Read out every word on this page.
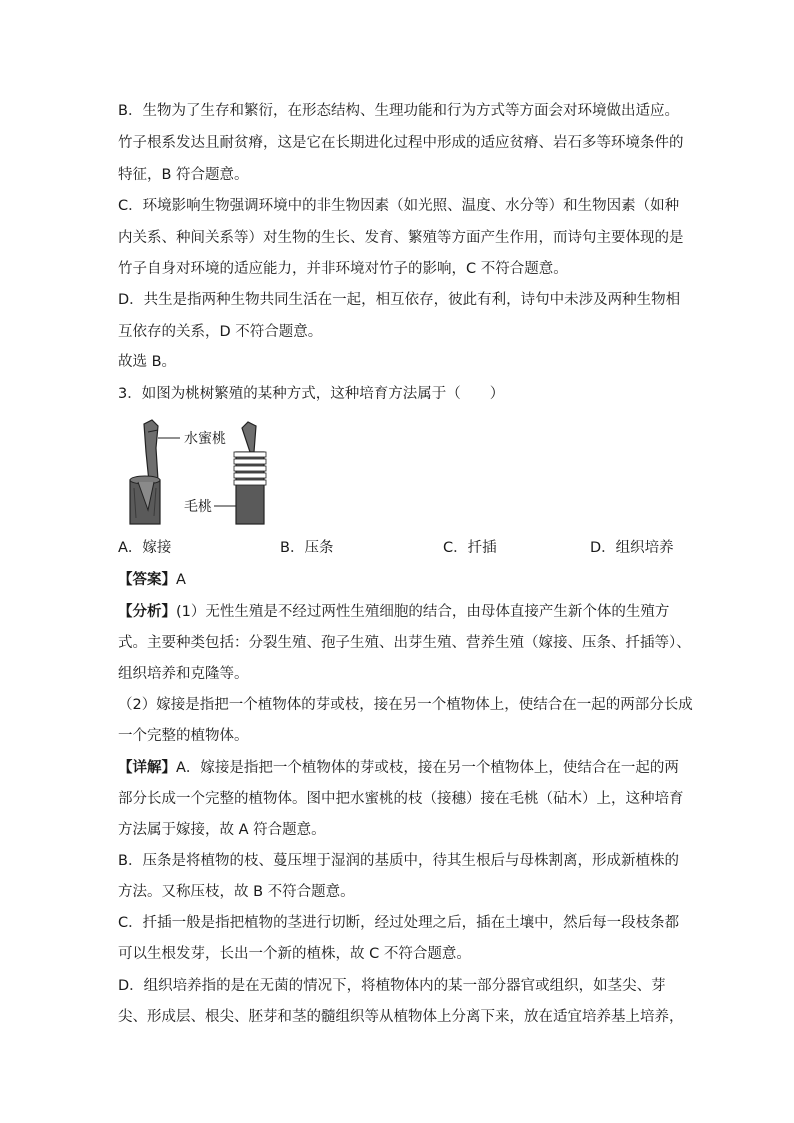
B．生物为了生存和繁衍，在形态结构、生理功能和行为方式等方面会对环境做出适应。
竹子根系发达且耐贫瘠，这是它在长期进化过程中形成的适应贫瘠、岩石多等环境条件的
特征，B 符合题意。
C．环境影响生物强调环境中的非生物因素（如光照、温度、水分等）和生物因素（如种
内关系、种间关系等）对生物的生长、发育、繁殖等方面产生作用，而诗句主要体现的是
竹子自身对环境的适应能力，并非环境对竹子的影响，C 不符合题意。
D．共生是指两种生物共同生活在一起，相互依存，彼此有利，诗句中未涉及两种生物相
互依存的关系，D 不符合题意。
故选 B。
3．如图为桃树繁殖的某种方式，这种培育方法属于（　　）
水蜜桃
毛桃
A．嫁接	B．压条	C．扦插	D．组织培养
【答案】A
【分析】(1）无性生殖是不经过两性生殖细胞的结合，由母体直接产生新个体的生殖方
式。主要种类包括：分裂生殖、孢子生殖、出芽生殖、营养生殖（嫁接、压条、扦插等）、
组织培养和克隆等。
（2）嫁接是指把一个植物体的芽或枝，接在另一个植物体上，使结合在一起的两部分长成
一个完整的植物体。
【详解】A．嫁接是指把一个植物体的芽或枝，接在另一个植物体上，使结合在一起的两
部分长成一个完整的植物体。图中把水蜜桃的枝（接穗）接在毛桃（砧木）上，这种培育
方法属于嫁接，故 A 符合题意。
B．压条是将植物的枝、蔓压埋于湿润的基质中，待其生根后与母株割离，形成新植株的
方法。又称压枝，故 B 不符合题意。
C．扦插一般是指把植物的茎进行切断，经过处理之后，插在土壤中，然后每一段枝条都
可以生根发芽，长出一个新的植株，故 C 不符合题意。
D．组织培养指的是在无菌的情况下，将植物体内的某一部分器官或组织，如茎尖、芽
尖、形成层、根尖、胚芽和茎的髓组织等从植物体上分离下来，放在适宜培养基上培养，
